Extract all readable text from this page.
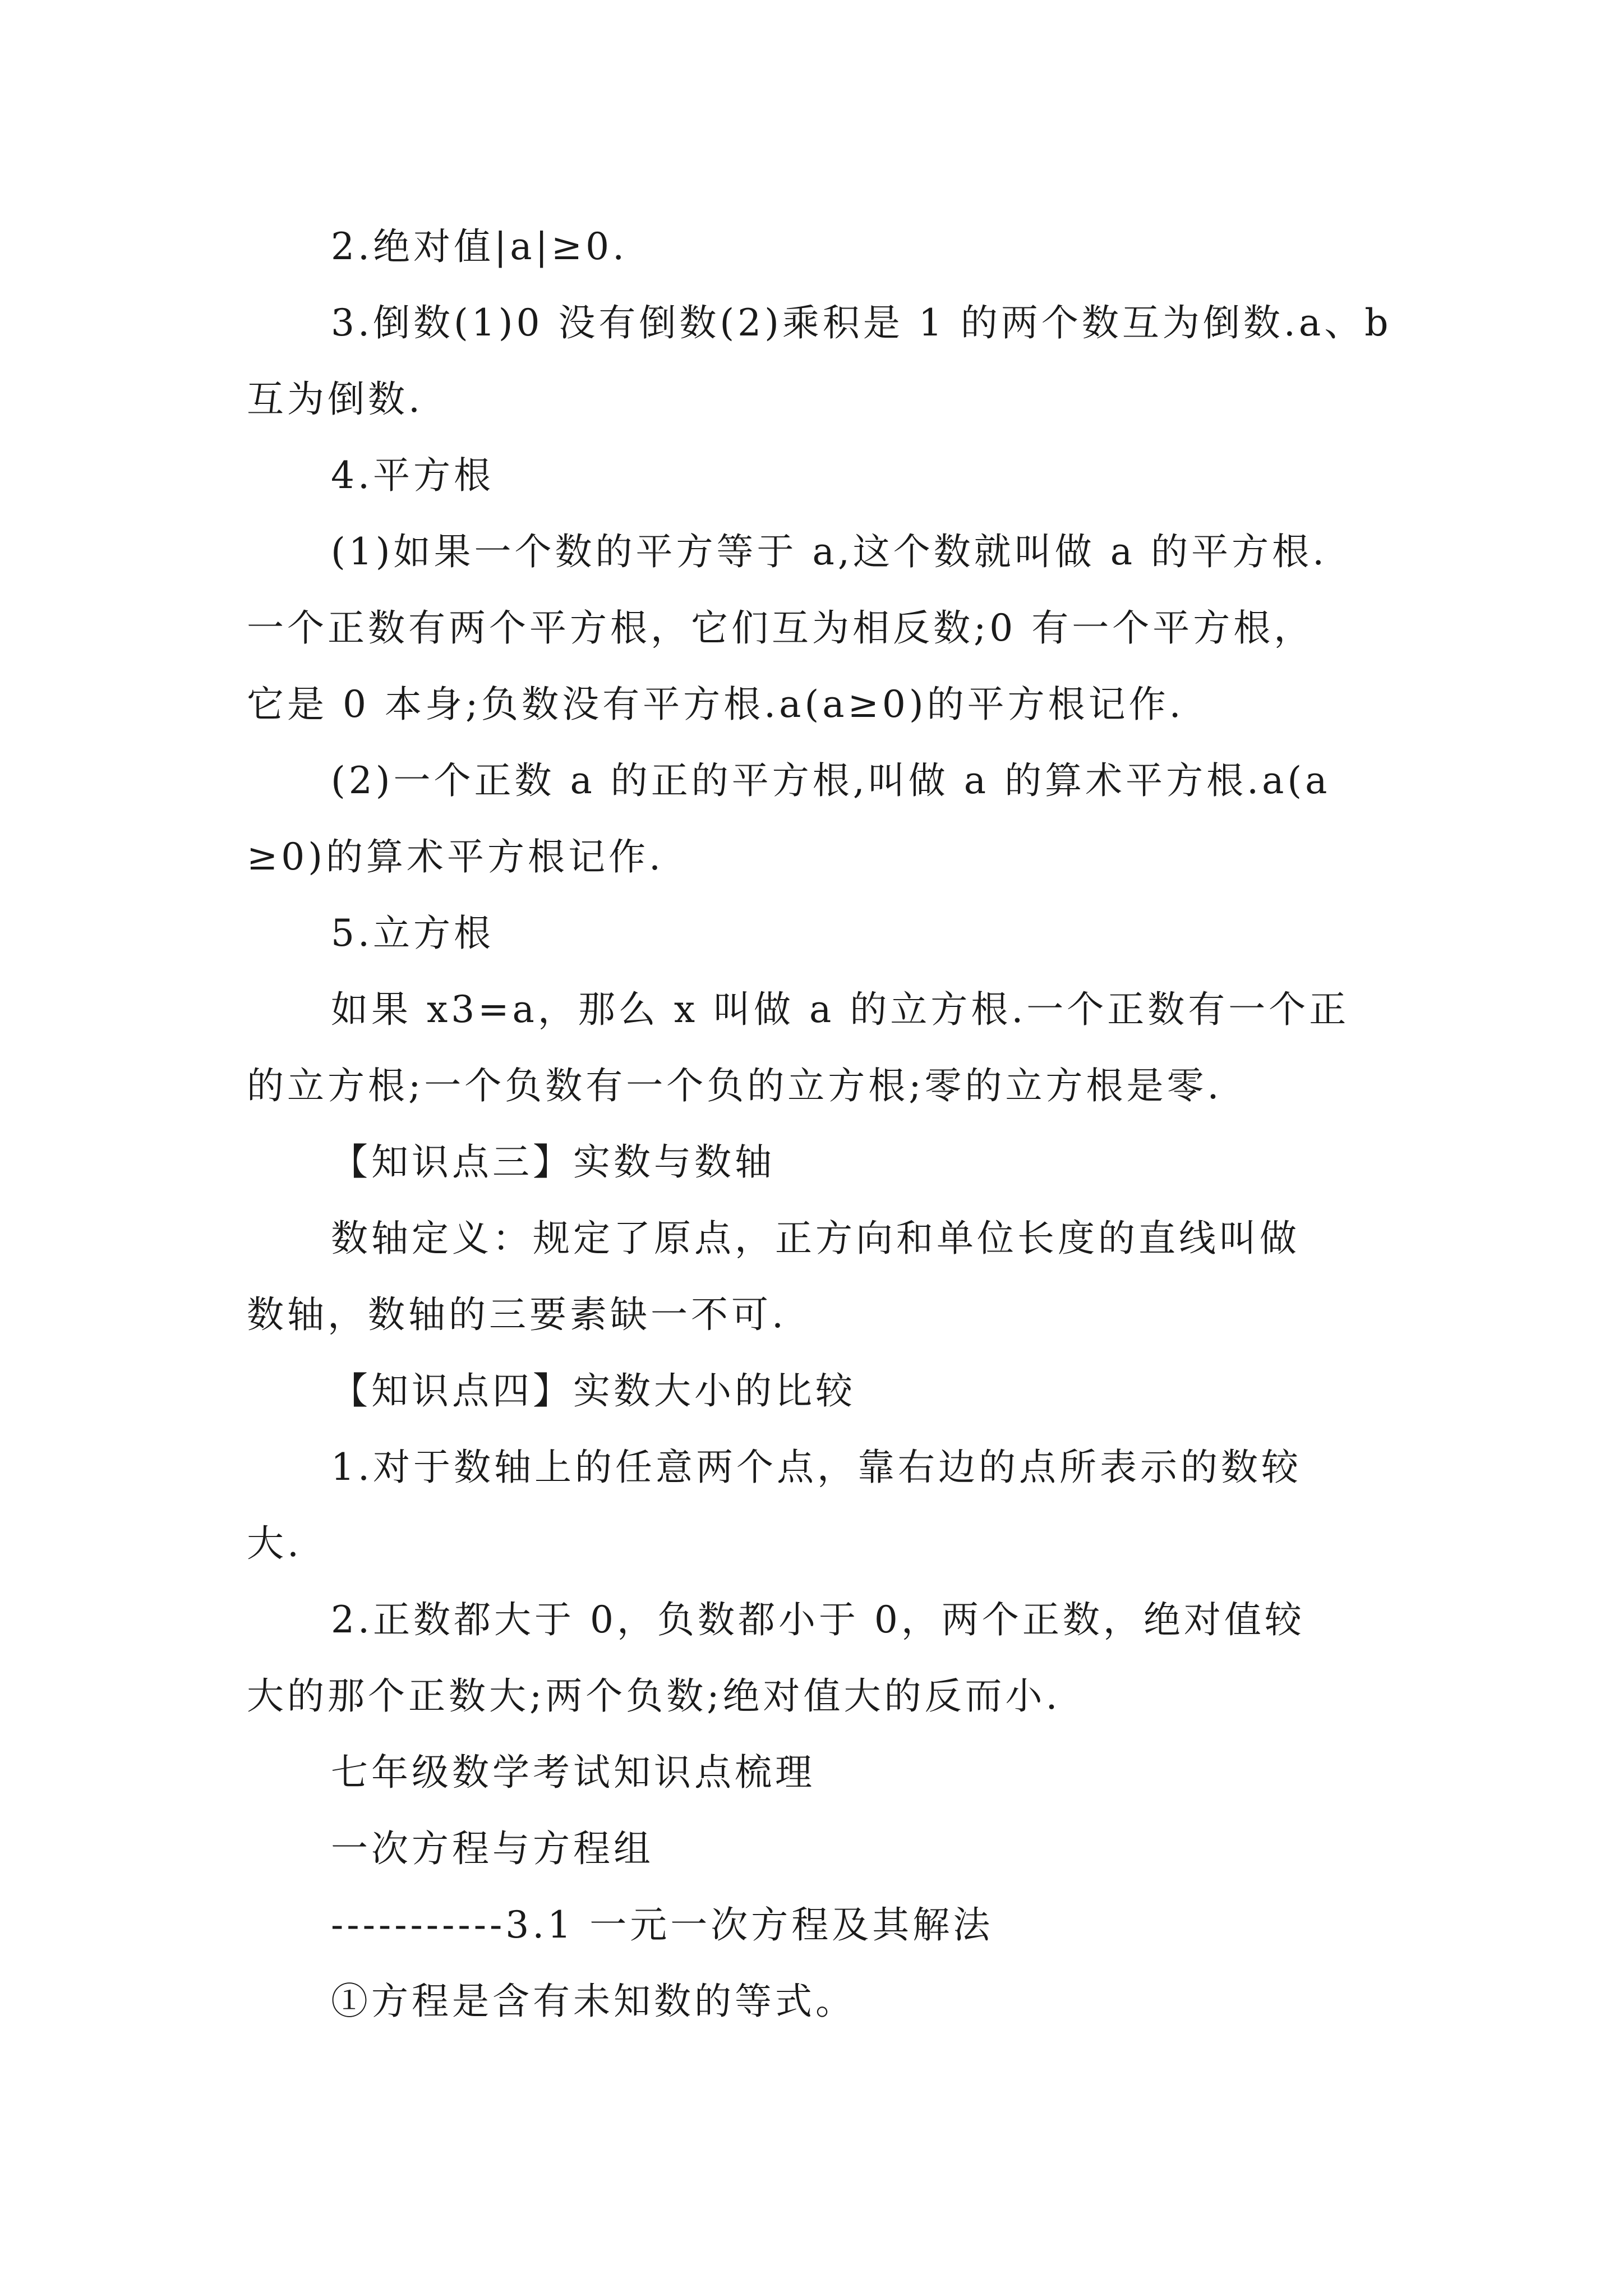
2.绝对值|a|≥0.
3.倒数(1)0 没有倒数(2)乘积是 1 的两个数互为倒数.a、b
互为倒数.
4.平方根
(1)如果一个数的平方等于 a,这个数就叫做 a 的平方根.
一个正数有两个平方根，它们互为相反数;0 有一个平方根，
它是 0 本身;负数没有平方根.a(a≥0)的平方根记作.
(2)一个正数 a 的正的平方根,叫做 a 的算术平方根.a(a
≥0)的算术平方根记作.
5.立方根
如果 x3=a，那么 x 叫做 a 的立方根.一个正数有一个正
的立方根;一个负数有一个负的立方根;零的立方根是零.
【知识点三】实数与数轴
数轴定义：规定了原点，正方向和单位长度的直线叫做
数轴，数轴的三要素缺一不可.
【知识点四】实数大小的比较
1.对于数轴上的任意两个点，靠右边的点所表示的数较
大.
2.正数都大于 0，负数都小于 0，两个正数，绝对值较
大的那个正数大;两个负数;绝对值大的反而小.
七年级数学考试知识点梳理
一次方程与方程组
-----------3.1 一元一次方程及其解法
①方程是含有未知数的等式。
